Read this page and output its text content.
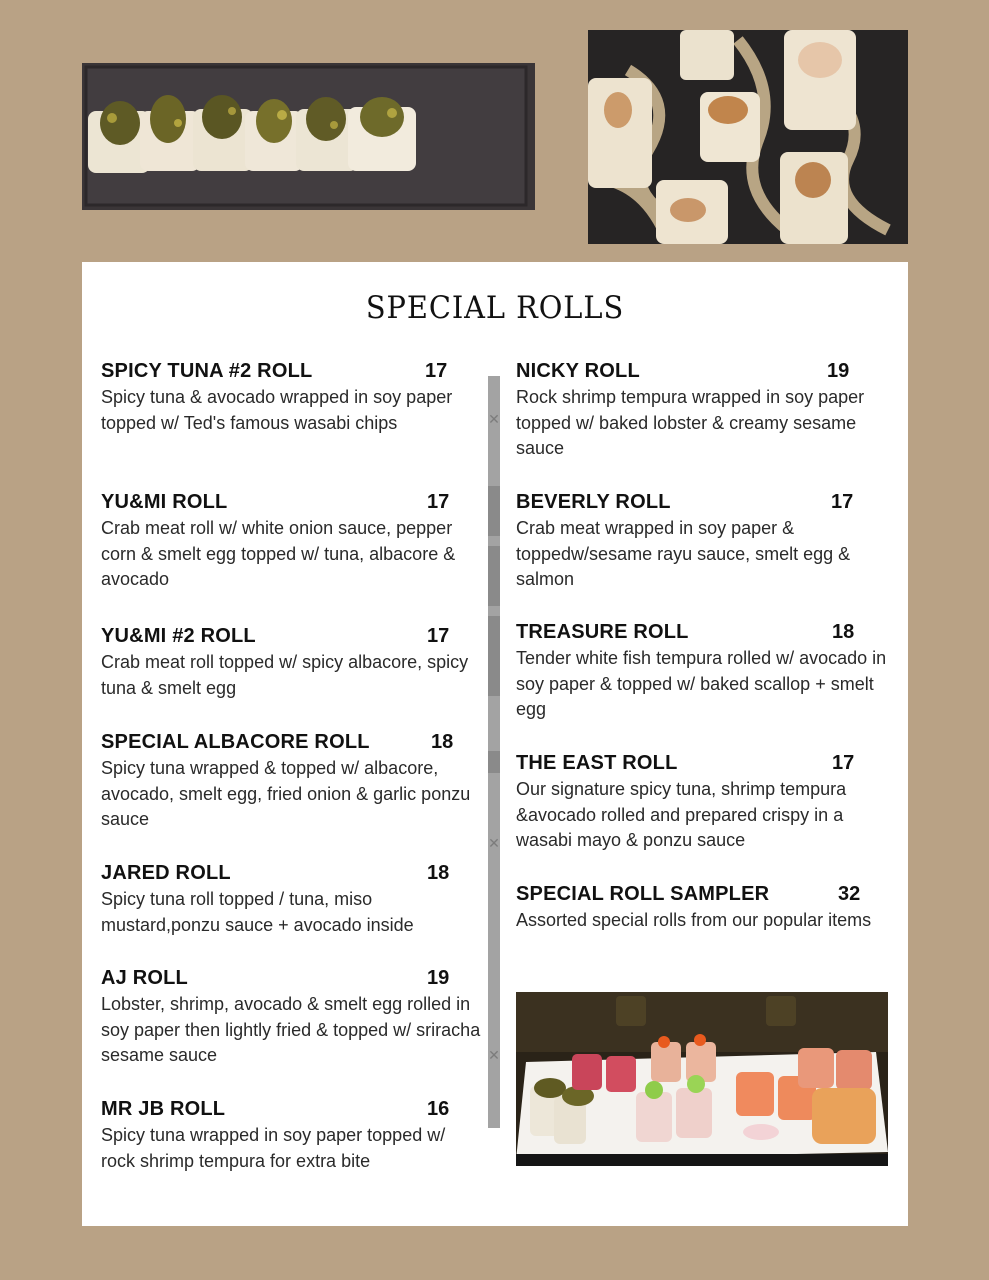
SPECIAL ROLLS
SPICY TUNA #2 ROLL	17
Spicy tuna & avocado wrapped in soy paper topped w/ Ted's famous wasabi chips
YU&MI ROLL	17
Crab meat roll w/ white onion sauce, pepper corn & smelt egg topped w/ tuna, albacore & avocado
YU&MI #2 ROLL	17
Crab meat roll topped w/ spicy albacore, spicy tuna & smelt egg
SPECIAL ALBACORE ROLL	18
Spicy tuna wrapped & topped w/ albacore, avocado, smelt egg, fried onion & garlic ponzu sauce
JARED ROLL	18
Spicy tuna roll topped / tuna, miso mustard,ponzu sauce + avocado inside
AJ ROLL	19
Lobster, shrimp, avocado & smelt egg rolled in soy paper then lightly fried & topped w/ sriracha sesame sauce
MR JB ROLL	16
Spicy tuna wrapped in soy paper topped w/ rock shrimp tempura for extra bite
✕
✕
✕
NICKY ROLL	19
Rock shrimp tempura wrapped in soy paper topped w/ baked lobster & creamy sesame sauce
BEVERLY ROLL	17
Crab meat wrapped in soy paper & toppedw/sesame rayu sauce, smelt egg & salmon
TREASURE ROLL	18
Tender white fish tempura rolled w/ avocado in soy paper & topped w/ baked scallop + smelt egg
THE EAST ROLL	17
Our signature spicy tuna, shrimp tempura &avocado rolled and prepared crispy in a wasabi mayo & ponzu sauce
SPECIAL ROLL SAMPLER	32
Assorted special rolls from our popular items
